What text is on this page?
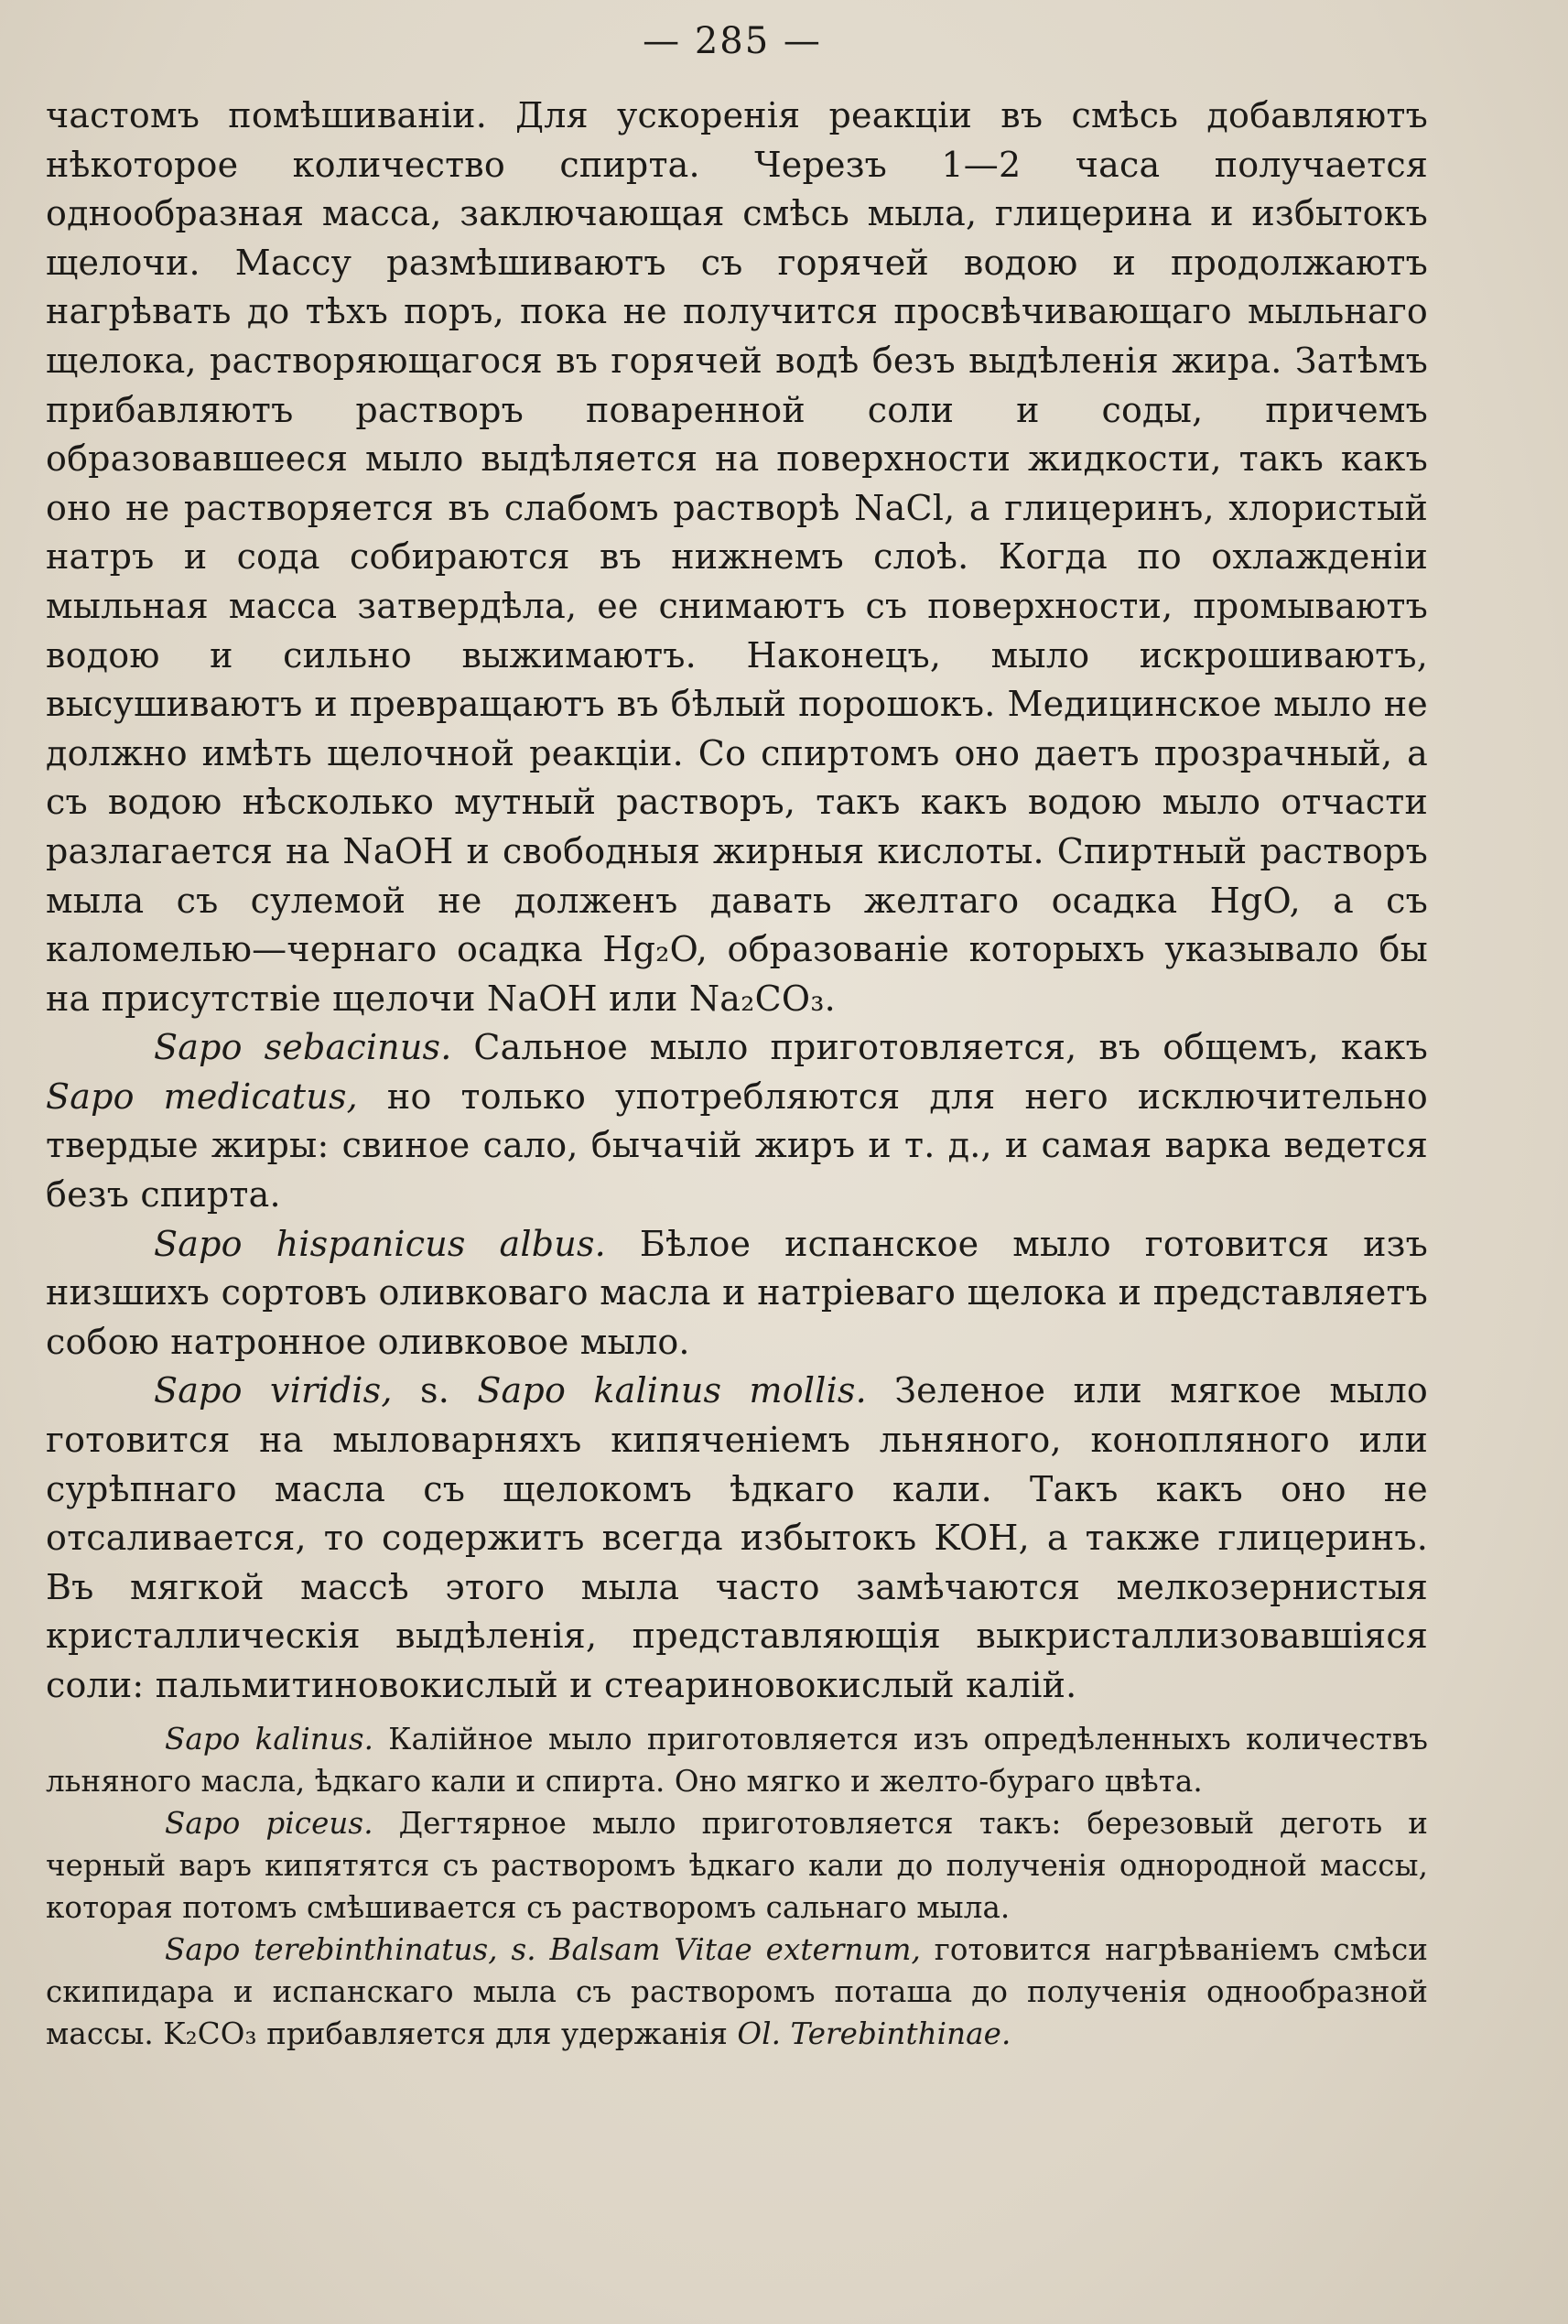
— 285 —

частомъ помѣшиваніи. Для ускоренія реакціи въ смѣсь добавляютъ нѣкоторое количество спирта. Черезъ 1—2 часа получается однообразная масса, заключающая смѣсь мыла, глицерина и избытокъ щелочи. Массу размѣшиваютъ съ горячей водою и продолжаютъ нагрѣвать до тѣхъ поръ, пока не получится просвѣчивающаго мыльнаго щелока, растворяющагося въ горячей водѣ безъ выдѣленія жира. Затѣмъ прибавляютъ растворъ поваренной соли и соды, причемъ образовавшееся мыло выдѣляется на поверхности жидкости, такъ какъ оно не растворяется въ слабомъ растворѣ NaCl, а глицеринъ, хлористый натръ и сода собираются въ нижнемъ слоѣ. Когда по охлажденіи мыльная масса затвердѣла, ее снимаютъ съ поверхности, промываютъ водою и сильно выжимаютъ. Наконецъ, мыло искрошиваютъ, высушиваютъ и превращаютъ въ бѣлый порошокъ. Медицинское мыло не должно имѣть щелочной реакціи. Со спиртомъ оно даетъ прозрачный, а съ водою нѣсколько мутный растворъ, такъ какъ водою мыло отчасти разлагается на NaOH и свободныя жирныя кислоты. Спиртный растворъ мыла съ сулемой не долженъ давать желтаго осадка HgO, а съ каломелью—чернаго осадка Hg₂O, образованіе которыхъ указывало бы на присутствіе щелочи NaOH или Na₂CO₃.

Sapo sebacinus. Сальное мыло приготовляется, въ общемъ, какъ Sapo medicatus, но только употребляются для него исключительно твердые жиры: свиное сало, бычачій жиръ и т. д., и самая варка ведется безъ спирта.

Sapo hispanicus albus. Бѣлое испанское мыло готовится изъ низшихъ сортовъ оливковаго масла и натріеваго щелока и представляетъ собою натронное оливковое мыло.

Sapo viridis, s. Sapo kalinus mollis. Зеленое или мягкое мыло готовится на мыловарняхъ кипяченіемъ льняного, конопляного или сурѣпнаго масла съ щелокомъ ѣдкаго кали. Такъ какъ оно не отсаливается, то содержитъ всегда избытокъ KOH, а также глицеринъ. Въ мягкой массѣ этого мыла часто замѣчаются мелкозернистыя кристаллическія выдѣленія, представляющія выкристаллизовавшіяся соли: пальмитиновокислый и стеариновокислый калій.

Sapo kalinus. Калійное мыло приготовляется изъ опредѣленныхъ количествъ льняного масла, ѣдкаго кали и спирта. Оно мягко и желто-бураго цвѣта.

Sapo piceus. Дегтярное мыло приготовляется такъ: березовый деготь и черный варъ кипятятся съ растворомъ ѣдкаго кали до полученія однородной массы, которая потомъ смѣшивается съ растворомъ сальнаго мыла.

Sapo terebinthinatus, s. Balsam Vitae externum, готовится нагрѣваніемъ смѣси скипидара и испанскаго мыла съ растворомъ поташа до полученія однообразной массы. K₂CO₃ прибавляется для удержанія Ol. Terebinthinae.
